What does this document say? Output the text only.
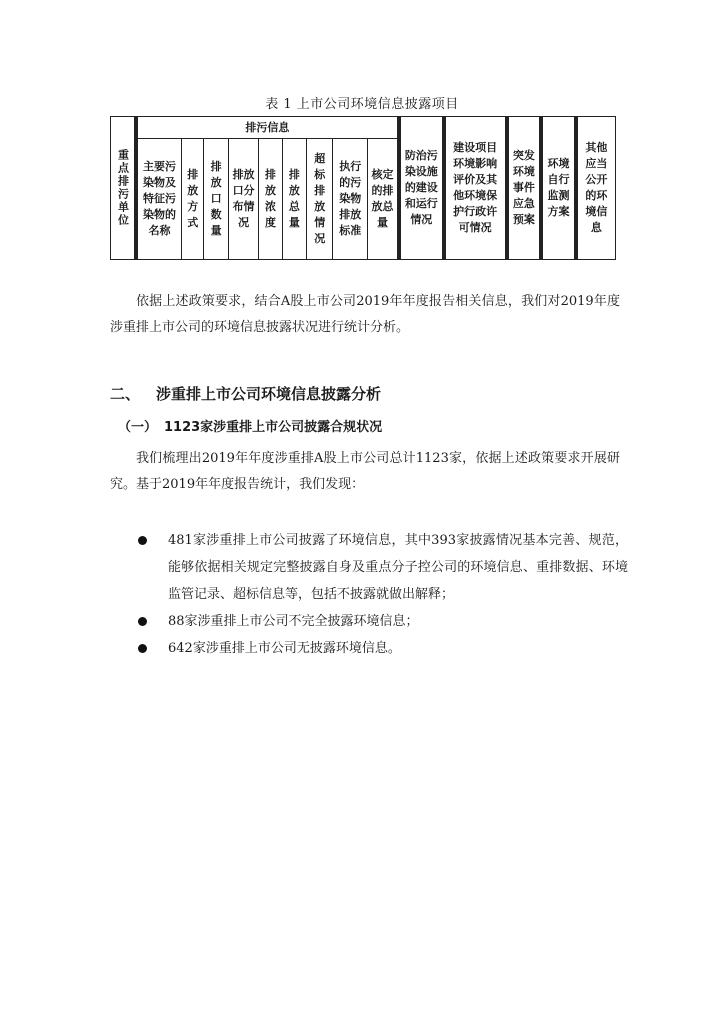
表 1 上市公司环境信息披露项目
重点排污单位		排污信息										防治污染设施的建设和运行情况		建设项目环境影响评价及其他环境保护行政许可情况		突发环境事件应急预案		环境自行监测方案		其他应当公开的环境信息
		主要污染物及特征污染物的名称	排放方式	排放口数量	排放口分布情况	排放浓度	排放总量	超标排放情况	执行的污染物排放标准	核定的排放总量										

依据上述政策要求，结合A股上市公司2019年年度报告相关信息，我们对2019年度涉重排上市公司的环境信息披露状况进行统计分析。

二、 涉重排上市公司环境信息披露分析
（一） 1123家涉重排上市公司披露合规状况

我们梳理出2019年年度涉重排A股上市公司总计1123家，依据上述政策要求开展研究。基于2019年年度报告统计，我们发现：

481家涉重排上市公司披露了环境信息，其中393家披露情况基本完善、规范，能够依据相关规定完整披露自身及重点分子控公司的环境信息、重排数据、环境监管记录、超标信息等，包括不披露就做出解释；
88家涉重排上市公司不完全披露环境信息；
642家涉重排上市公司无披露环境信息。
